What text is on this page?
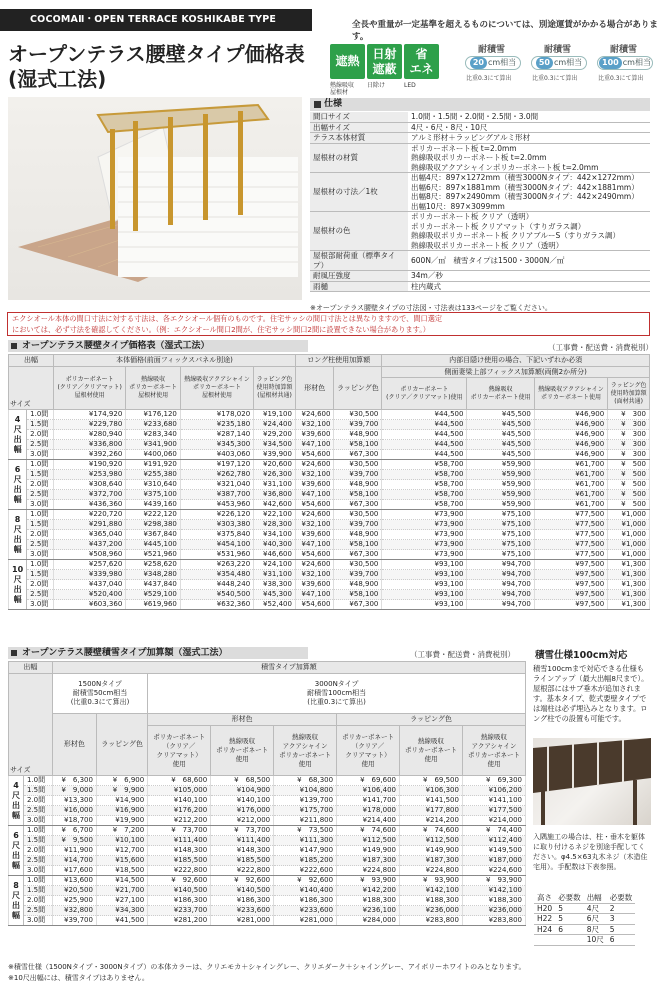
COCOMAⅡ・OPEN TERRACE KOSHIKABE TYPE	全長や重量が一定基準を超えるものについては、別途運賃がかかる場合があります。
オープンテラス腰壁タイプ価格表
(湿式工法)
遮熱
日射
遮蔽
省
エネ
熱線吸収
屋根材
日除け	LED
耐積雪
20 cm相当
比重0.3にて算出
耐積雪
50 cm相当
比重0.3にて算出
耐積雪
100 cm相当
比重0.3にて算出
仕様
間口サイズ	1.0間・1.5間・2.0間・2.5間・3.0間

出幅サイズ	4尺・6尺・8尺・10尺

テラス本体材質	アルミ形材＋ラッピングアルミ形材

屋根材の材質	ポリカーボネート板 t=2.0mm
熱線吸収ポリカーボネート板 t=2.0mm
熱線吸収アクアシャインポリカーボネート板 t=2.0mm

屋根材の寸法／1枚	出幅4尺：897×1272mm（積雪3000Nタイプ：442×1272mm）
出幅6尺：897×1881mm（積雪3000Nタイプ：442×1881mm）
出幅8尺：897×2490mm（積雪3000Nタイプ：442×2490mm）
出幅10尺：897×3099mm

屋根材の色	ポリカーボネート板 クリア（透明）
ポリカーボネート板 クリアマット（すりガラス調）
熱線吸収ポリカーボネート板 クリアブルーS（すりガラス調）
熱線吸収ポリカーボネート板 クリア（透明）

屋根部耐荷重（標準タイプ）	600N／㎡　積雪タイプは1500・3000N／㎡

耐風圧強度	34m／秒

雨樋	柱内蔵式
※オープンテラス腰壁タイプの寸法図・寸法表は133ページをご覧ください。
エクシオール本体の間口寸法に対する寸法は、各エクシオール個有のものです。住宅サッシの間口寸法とは異なりますので、間口選定
においては、必ず寸法を確認してください。（例：エクシオール間口2間が、住宅サッシ間口2間に設置できない場合があります。）
オープンテラス腰壁タイプ価格表（湿式工法）	（工事費・配送費・消費税別）
出幅		本体価格(前面フィックスパネル別途)				ロング柱使用加算額		内部目隠け使用の場合、下記いずれか必須			
サイズ		ポリカーボネート
(クリア／クリアマット)
屋根材使用	熱線吸収
ポリカーボネート
屋根材使用	熱線吸収アクアシャイン
ポリカーボネート
屋根材使用	ラッピング色
使用時加算額
(屋根材共通)	形材色	ラッピング色	側面妻梁上部フィックス加算額(両側2か所分)			
								ポリカーボネート
(クリア／クリアマット)使用	熱線吸収
ポリカーボネート使用	熱線吸収アクアシャイン
ポリカーボネート使用	ラッピング色
使用時加算額
(面材共通)
4
尺
出
幅	1.0間	¥174,920	¥176,120	¥178,020	¥19,100	¥24,600	¥30,500	¥44,500	¥45,500	¥46,900	¥　300
	1.5間	¥229,780	¥233,680	¥235,180	¥24,400	¥32,100	¥39,700	¥44,500	¥45,500	¥46,900	¥　300
	2.0間	¥280,940	¥283,340	¥287,140	¥29,200	¥39,600	¥48,900	¥44,500	¥45,500	¥46,900	¥　300
	2.5間	¥336,800	¥341,900	¥345,300	¥34,500	¥47,100	¥58,100	¥44,500	¥45,500	¥46,900	¥　300
	3.0間	¥392,260	¥400,060	¥403,060	¥39,900	¥54,600	¥67,300	¥44,500	¥45,500	¥46,900	¥　300
6
尺
出
幅	1.0間	¥190,920	¥191,920	¥197,120	¥20,600	¥24,600	¥30,500	¥58,700	¥59,900	¥61,700	¥　500
	1.5間	¥253,980	¥255,380	¥262,780	¥26,300	¥32,100	¥39,700	¥58,700	¥59,900	¥61,700	¥　500
	2.0間	¥308,640	¥310,640	¥321,040	¥31,100	¥39,600	¥48,900	¥58,700	¥59,900	¥61,700	¥　500
	2.5間	¥372,700	¥375,100	¥387,700	¥36,800	¥47,100	¥58,100	¥58,700	¥59,900	¥61,700	¥　500
	3.0間	¥436,360	¥439,160	¥453,960	¥42,600	¥54,600	¥67,300	¥58,700	¥59,900	¥61,700	¥　500
8
尺
出
幅	1.0間	¥220,720	¥222,120	¥226,120	¥22,100	¥24,600	¥30,500	¥73,900	¥75,100	¥77,500	¥1,000
	1.5間	¥291,880	¥298,380	¥303,380	¥28,300	¥32,100	¥39,700	¥73,900	¥75,100	¥77,500	¥1,000
	2.0間	¥365,040	¥367,840	¥375,840	¥34,100	¥39,600	¥48,900	¥73,900	¥75,100	¥77,500	¥1,000
	2.5間	¥437,200	¥445,100	¥454,100	¥40,300	¥47,100	¥58,100	¥73,900	¥75,100	¥77,500	¥1,000
	3.0間	¥508,960	¥521,960	¥531,960	¥46,600	¥54,600	¥67,300	¥73,900	¥75,100	¥77,500	¥1,000
10
尺
出
幅	1.0間	¥257,620	¥258,620	¥263,220	¥24,100	¥24,600	¥30,500	¥93,100	¥94,700	¥97,500	¥1,300
	1.5間	¥339,980	¥348,280	¥354,480	¥31,100	¥32,100	¥39,700	¥93,100	¥94,700	¥97,500	¥1,300
	2.0間	¥437,040	¥437,840	¥448,240	¥38,300	¥39,600	¥48,900	¥93,100	¥94,700	¥97,500	¥1,300
	2.5間	¥520,400	¥529,100	¥540,500	¥45,300	¥47,100	¥58,100	¥93,100	¥94,700	¥97,500	¥1,300
	3.0間	¥603,360	¥619,960	¥632,360	¥52,400	¥54,600	¥67,300	¥93,100	¥94,700	¥97,500	¥1,300
オープンテラス腰壁積雪タイプ加算額（湿式工法）	（工事費・配送費・消費税別）
出幅		積雪タイプ加算額							
サイズ		1500Nタイプ
耐積雪50cm相当
(比重0.3にて算出)		3000Nタイプ
耐積雪100cm相当
(比重0.3にて算出)					
		形材色	ラッピング色	形材色			ラッピング色		
				ポリカーボネート
（クリア／
クリアマット）
使用	熱線吸収
ポリカーボネート
使用	熱線吸収
アクアシャイン
ポリカーボネート
使用	ポリカーボネート
（クリア／
クリアマット）
使用	熱線吸収
ポリカーボネート
使用	熱線吸収
アクアシャイン
ポリカーボネート
使用
4
尺
出
幅	1.0間	¥　6,300	¥　6,900	¥　68,600	¥　68,500	¥　68,300	¥　69,600	¥　69,500	¥　69,300
	1.5間	¥　9,000	¥　9,900	¥105,000	¥104,900	¥104,800	¥106,400	¥106,300	¥106,200
	2.0間	¥13,300	¥14,900	¥140,100	¥140,100	¥139,700	¥141,700	¥141,500	¥141,100
	2.5間	¥16,000	¥16,900	¥176,200	¥176,000	¥175,700	¥178,000	¥177,800	¥177,500
	3.0間	¥18,700	¥19,900	¥212,200	¥212,000	¥211,800	¥214,400	¥214,200	¥214,000
6
尺
出
幅	1.0間	¥　6,700	¥　7,200	¥　73,700	¥　73,700	¥　73,500	¥　74,600	¥　74,600	¥　74,400
	1.5間	¥　9,500	¥10,100	¥111,400	¥111,400	¥111,300	¥112,500	¥112,500	¥112,400
	2.0間	¥11,900	¥12,700	¥148,300	¥148,300	¥147,900	¥149,900	¥149,900	¥149,500
	2.5間	¥14,700	¥15,600	¥185,500	¥185,500	¥185,200	¥187,300	¥187,300	¥187,000
	3.0間	¥17,600	¥18,500	¥222,800	¥222,800	¥222,600	¥224,800	¥224,800	¥224,600
8
尺
出
幅	1.0間	¥13,600	¥14,500	¥　92,600	¥　92,600	¥　92,600	¥　93,900	¥　93,900	¥　93,900
	1.5間	¥20,500	¥21,700	¥140,500	¥140,500	¥140,400	¥142,200	¥142,100	¥142,100
	2.0間	¥25,900	¥27,100	¥186,300	¥186,300	¥186,300	¥188,300	¥188,300	¥188,300
	2.5間	¥32,800	¥34,300	¥233,700	¥233,600	¥233,600	¥236,100	¥236,000	¥236,000
	3.0間	¥39,700	¥41,500	¥281,200	¥281,000	¥281,000	¥284,000	¥283,800	¥283,800
積雪仕様100cm対応
積雪100cmまで対応できる仕様もラインアップ（最大出幅8尺まで）。屋根部にはサブ垂木が追加されます。基本タイプ、乾式要壁タイプでは端柱は必ず埋込みとなります。ロング柱での設置も可能です。
入隅施工の場合は、柱・垂木を躯体に取り付けるネジを別途手配してください。φ4.5×63丸木ネジ（木造住宅用）。手配数は下表参照。
高さ	必要数	出幅	必要数
H20	5	4尺	2
H22	5	6尺	3
H24	6	8尺	5
		10尺	6
※積雪仕様（1500Nタイプ・3000Nタイプ）の本体カラーは、クリエモカ＋シャイングレー、クリエダーク＋シャイングレー、アイボリーホワイトのみとなります。
※10尺出幅には、積雪タイプはありません。
